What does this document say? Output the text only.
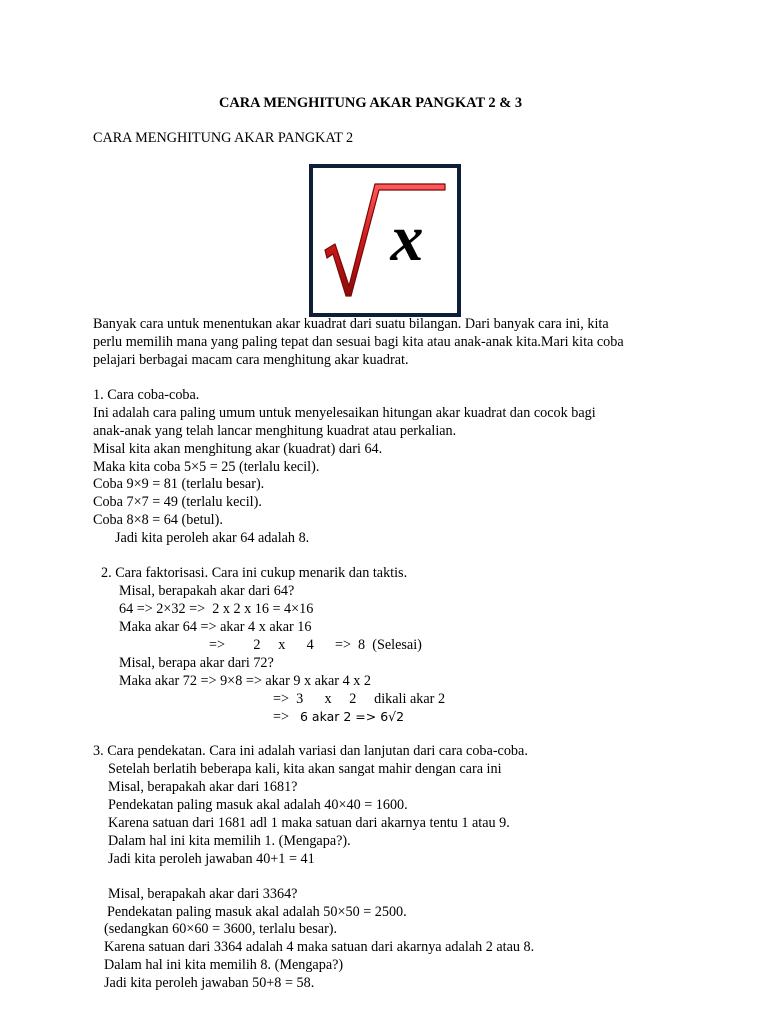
CARA MENGHITUNG AKAR PANGKAT 2 & 3
CARA MENGHITUNG AKAR PANGKAT 2
x
Banyak cara untuk menentukan akar kuadrat dari suatu bilangan. Dari banyak cara ini, kita
perlu memilih mana yang paling tepat dan sesuai bagi kita atau anak-anak kita.Mari kita coba
pelajari berbagai macam cara menghitung akar kuadrat.
1. Cara coba-coba.
Ini adalah cara paling umum untuk menyelesaikan hitungan akar kuadrat dan cocok bagi
anak-anak yang telah lancar menghitung kuadrat atau perkalian.
Misal kita akan menghitung akar (kuadrat) dari 64.
Maka kita coba 5×5 = 25 (terlalu kecil).
Coba 9×9 = 81 (terlalu besar).
Coba 7×7 = 49 (terlalu kecil).
Coba 8×8 = 64 (betul).
Jadi kita peroleh akar 64 adalah 8.
2. Cara faktorisasi. Cara ini cukup menarik dan taktis.
Misal, berapakah akar dari 64?
64 => 2×32 =>  2 x 2 x 16 = 4×16
Maka akar 64 => akar 4 x akar 16
=>        2     x      4      =>  8  (Selesai)
Misal, berapa akar dari 72?
Maka akar 72 => 9×8 => akar 9 x akar 4 x 2
=>  3      x     2     dikali akar 2
=> 6 akar 2 => 6√2
3. Cara pendekatan. Cara ini adalah variasi dan lanjutan dari cara coba-coba.
Setelah berlatih beberapa kali, kita akan sangat mahir dengan cara ini
Misal, berapakah akar dari 1681?
Pendekatan paling masuk akal adalah 40×40 = 1600.
Karena satuan dari 1681 adl 1 maka satuan dari akarnya tentu 1 atau 9.
Dalam hal ini kita memilih 1. (Mengapa?).
Jadi kita peroleh jawaban 40+1 = 41
Misal, berapakah akar dari 3364?
Pendekatan paling masuk akal adalah 50×50 = 2500.
(sedangkan 60×60 = 3600, terlalu besar).
Karena satuan dari 3364 adalah 4 maka satuan dari akarnya adalah 2 atau 8.
Dalam hal ini kita memilih 8. (Mengapa?)
Jadi kita peroleh jawaban 50+8 = 58.
